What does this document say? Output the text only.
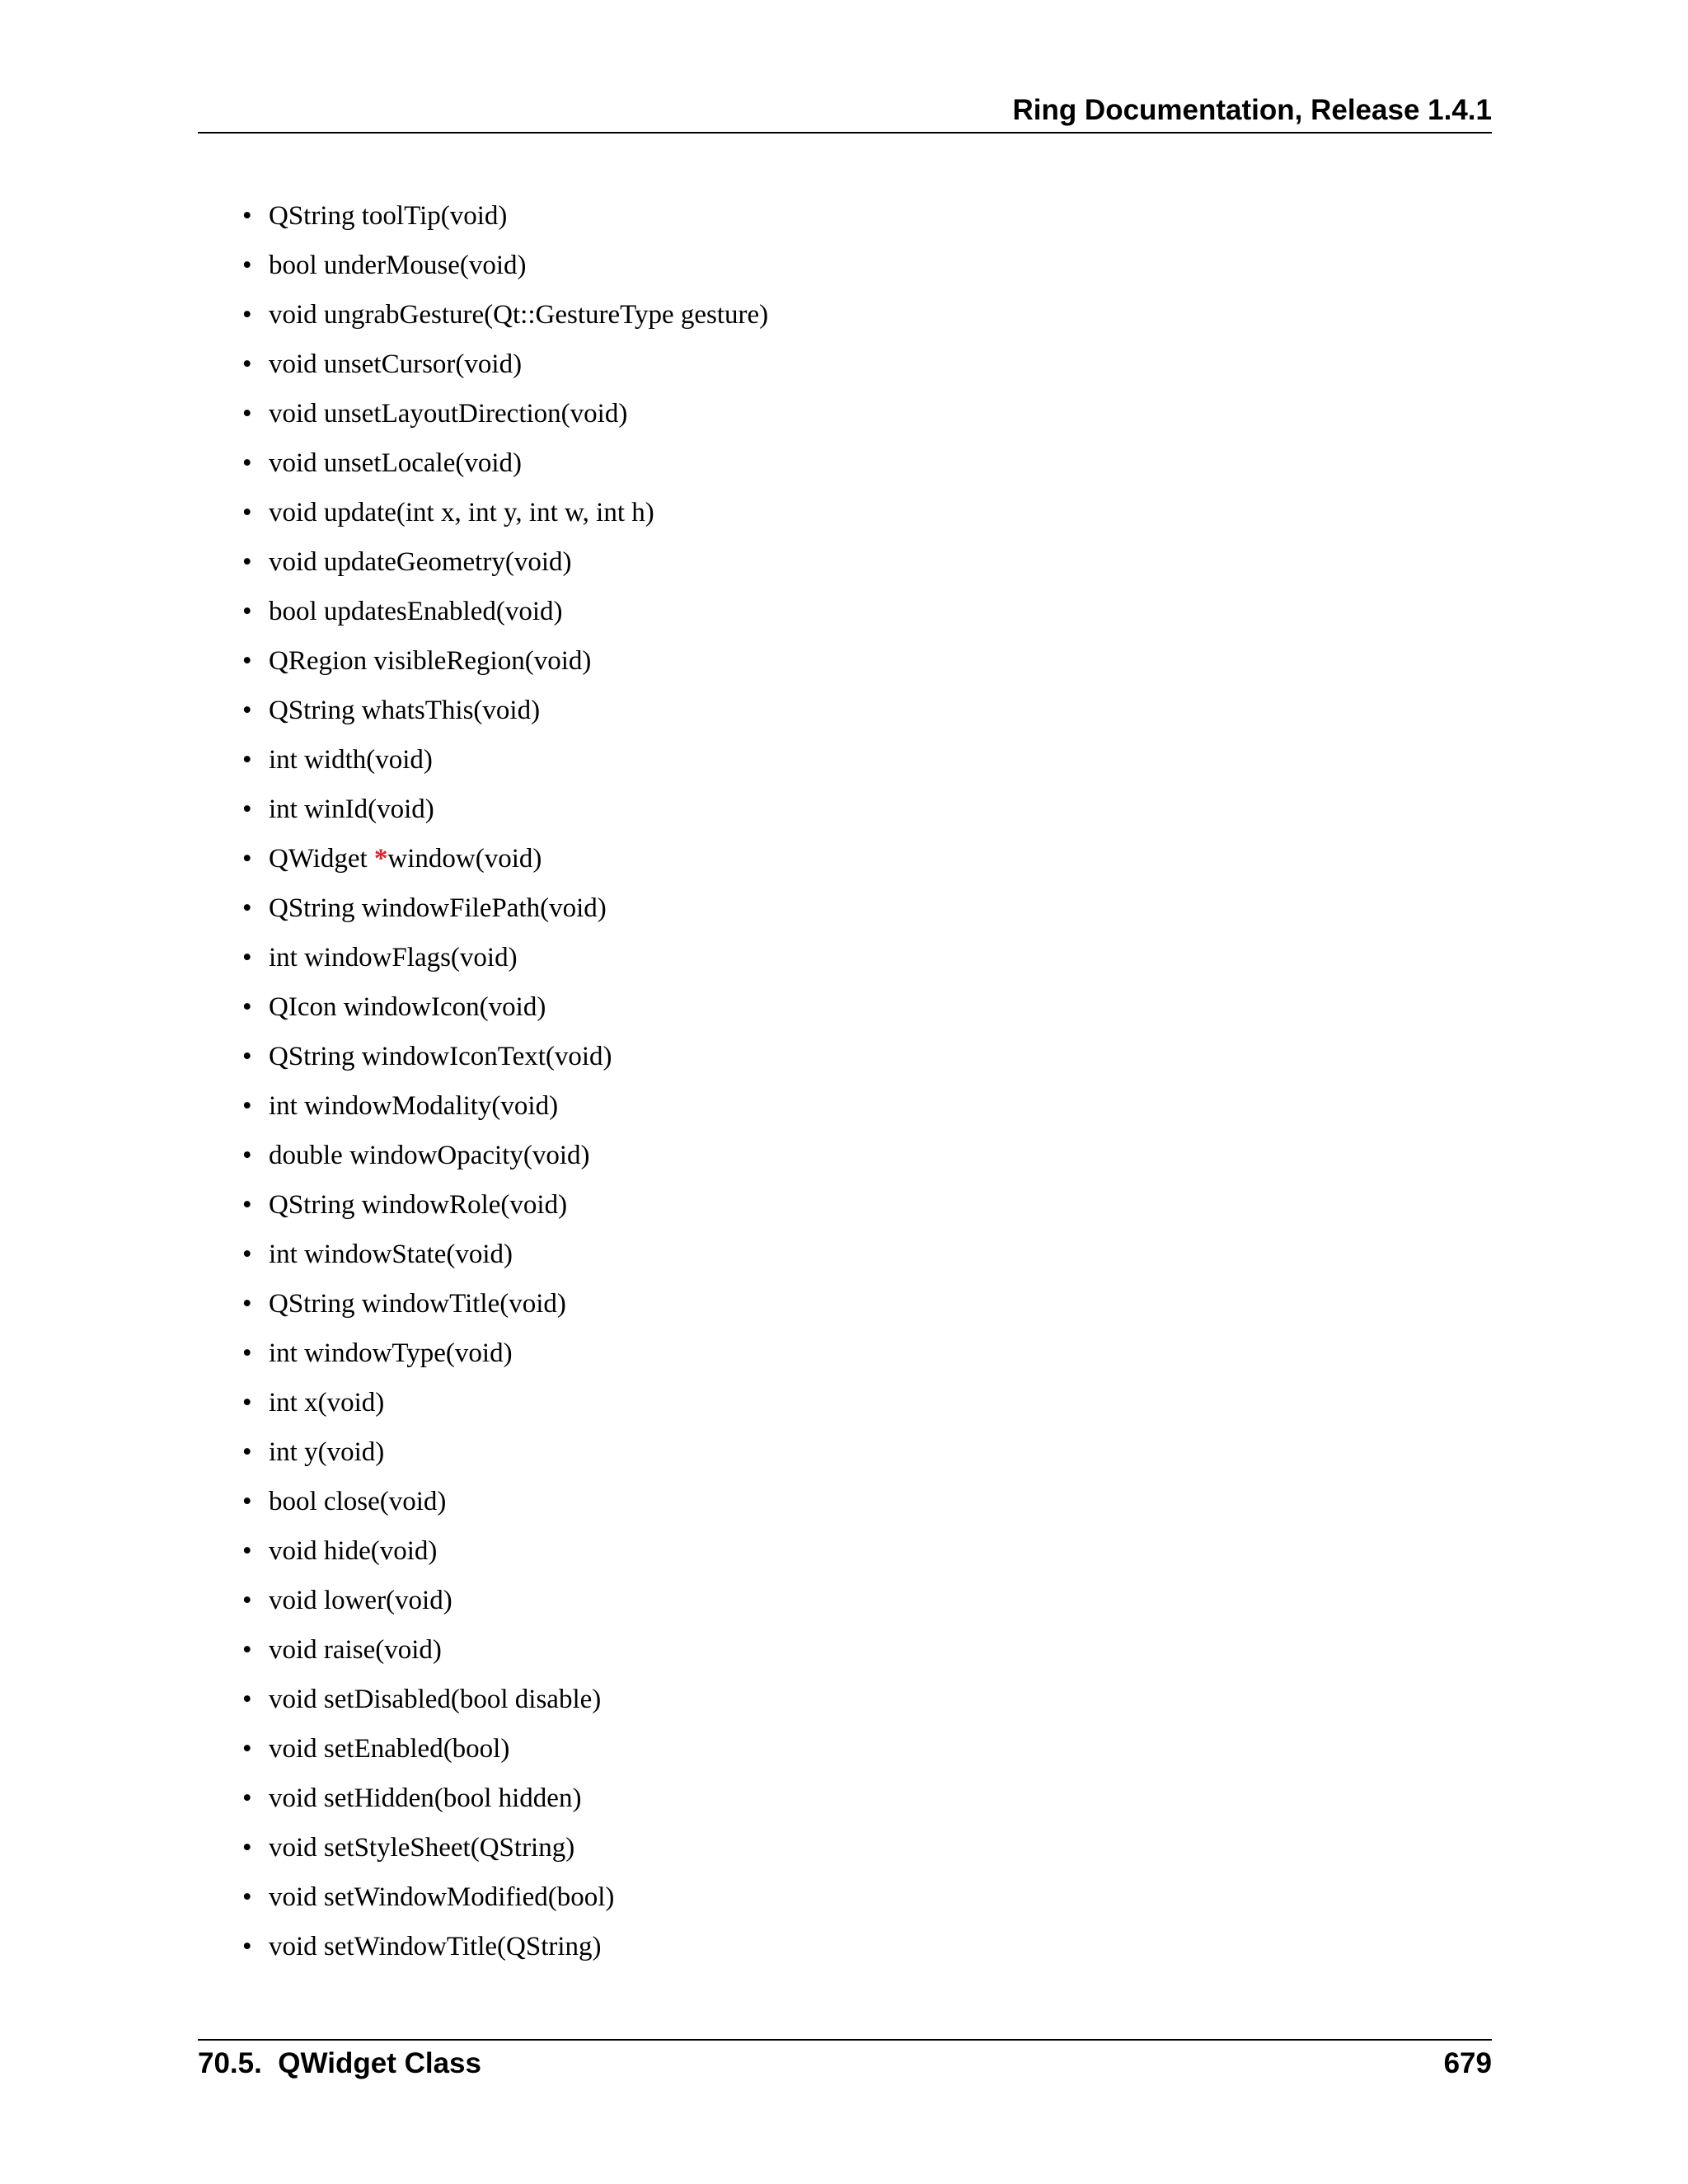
Ring Documentation, Release 1.4.1
• QString toolTip(void)
• bool underMouse(void)
• void ungrabGesture(Qt::GestureType gesture)
• void unsetCursor(void)
• void unsetLayoutDirection(void)
• void unsetLocale(void)
• void update(int x, int y, int w, int h)
• void updateGeometry(void)
• bool updatesEnabled(void)
• QRegion visibleRegion(void)
• QString whatsThis(void)
• int width(void)
• int winId(void)
• QWidget *window(void)
• QString windowFilePath(void)
• int windowFlags(void)
• QIcon windowIcon(void)
• QString windowIconText(void)
• int windowModality(void)
• double windowOpacity(void)
• QString windowRole(void)
• int windowState(void)
• QString windowTitle(void)
• int windowType(void)
• int x(void)
• int y(void)
• bool close(void)
• void hide(void)
• void lower(void)
• void raise(void)
• void setDisabled(bool disable)
• void setEnabled(bool)
• void setHidden(bool hidden)
• void setStyleSheet(QString)
• void setWindowModified(bool)
• void setWindowTitle(QString)
70.5.  QWidget Class	679
